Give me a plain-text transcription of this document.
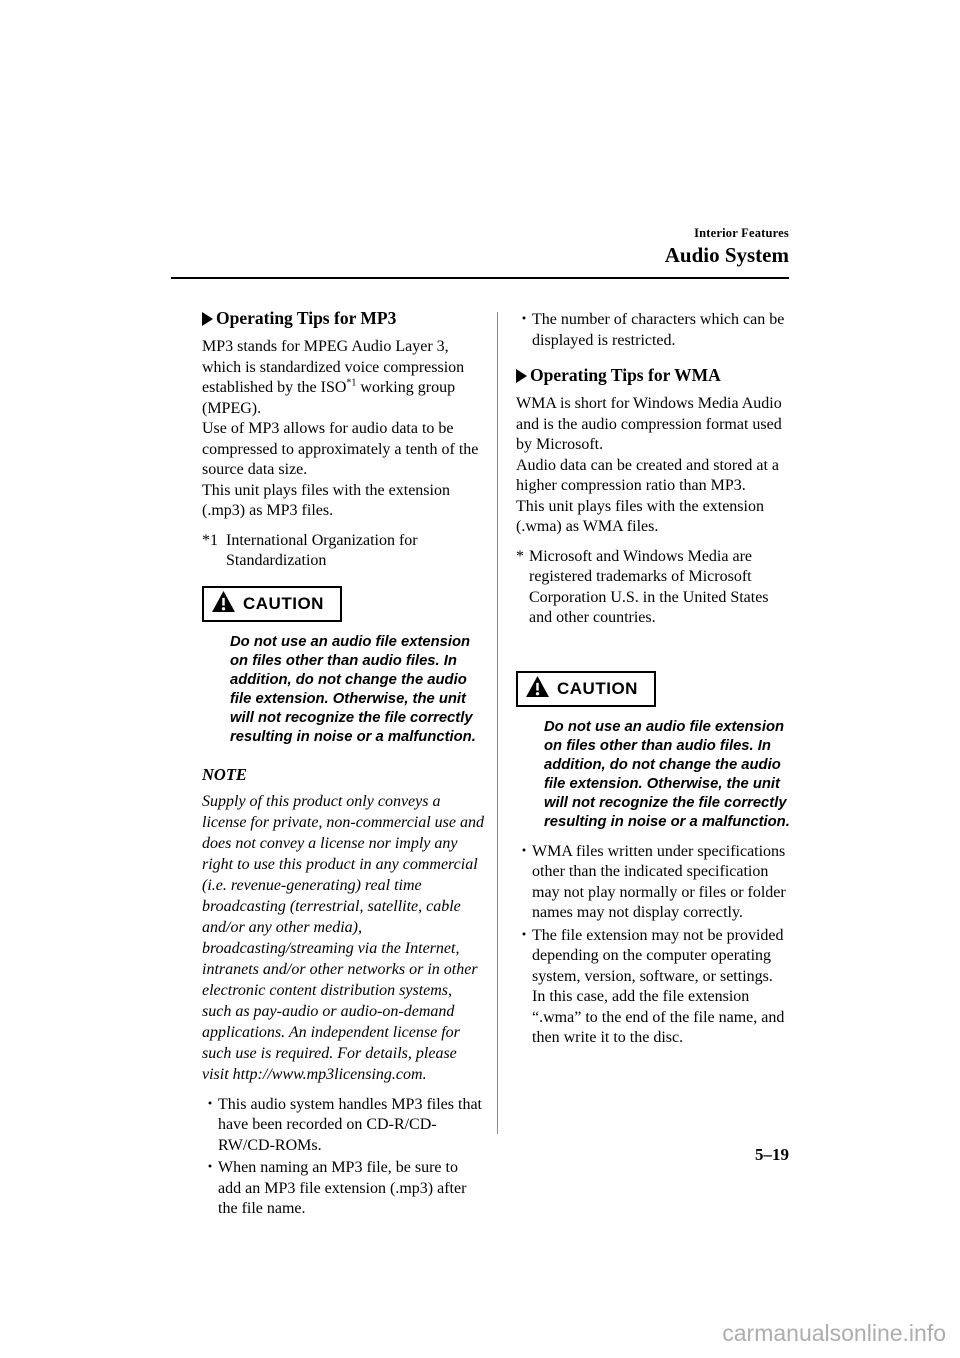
Interior Features
Audio System
Operating Tips for MP3

MP3 stands for MPEG Audio Layer 3, which is standardized voice compression established by the ISO$^{*1}$ working group (MPEG).

Use of MP3 allows for audio data to be compressed to approximately a tenth of the source data size.

This unit plays files with the extension (.mp3) as MP3 files.

*1 International Organization for Standardization
CAUTION

Do not use an audio file extension on files other than audio files. In addition, do not change the audio file extension. Otherwise, the unit will not recognize the file correctly resulting in noise or a malfunction.

NOTE

Supply of this product only conveys a license for private, non-commercial use and does not convey a license nor imply any right to use this product in any commercial (i.e. revenue-generating) real time broadcasting (terrestrial, satellite, cable and/or any other media), broadcasting/streaming via the Internet, intranets and/or other networks or in other electronic content distribution systems, such as pay-audio or audio-on-demand applications. An independent license for such use is required. For details, please visit http://www.mp3licensing.com.

・ This audio system handles MP3 files that have been recorded on CD-R/CD-RW/CD-ROMs.
・ When naming an MP3 file, be sure to add an MP3 file extension (.mp3) after the file name.
・ The number of characters which can be displayed is restricted.
Operating Tips for WMA

WMA is short for Windows Media Audio and is the audio compression format used by Microsoft.

Audio data can be created and stored at a higher compression ratio than MP3.

This unit plays files with the extension (.wma) as WMA files.

* Microsoft and Windows Media are registered trademarks of Microsoft Corporation U.S. in the United States and other countries.
CAUTION

Do not use an audio file extension on files other than audio files. In addition, do not change the audio file extension. Otherwise, the unit will not recognize the file correctly resulting in noise or a malfunction.

・ WMA files written under specifications other than the indicated specification may not play normally or files or folder names may not display correctly.
・ The file extension may not be provided depending on the computer operating system, version, software, or settings. In this case, add the file extension “.wma” to the end of the file name, and then write it to the disc.
5–19
carmanualsonline.info
